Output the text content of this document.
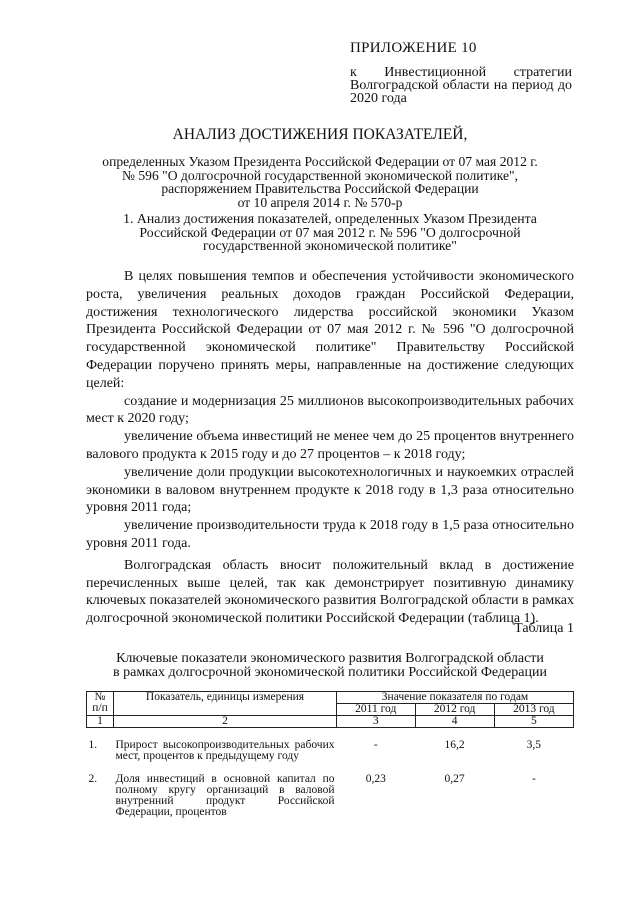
ПРИЛОЖЕНИЕ 10
к Инвестиционной стратегии Волгоградской области на период до 2020 года
АНАЛИЗ ДОСТИЖЕНИЯ ПОКАЗАТЕЛЕЙ,
определенных Указом Президента Российской Федерации от 07 мая 2012 г.
№ 596 "О долгосрочной государственной экономической политике",
распоряжением Правительства Российской Федерации
от 10 апреля 2014 г. № 570-р
1. Анализ достижения показателей, определенных Указом Президента
Российской Федерации от 07 мая 2012 г. № 596 "О долгосрочной
государственной экономической политике"

В целях повышения темпов и обеспечения устойчивости экономического роста, увеличения реальных доходов граждан Российской Федерации, достижения технологического лидерства российской экономики Указом Президента Российской Федерации от 07 мая 2012 г. № 596 "О долгосрочной государственной экономической политике" Правительству Российской Федерации поручено принять меры, направленные на достижение следующих целей:

создание и модернизация 25 миллионов высокопроизводительных рабочих мест к 2020 году;

увеличение объема инвестиций не менее чем до 25 процентов внутреннего валового продукта к 2015 году и до 27 процентов – к 2018 году;

увеличение доли продукции высокотехнологичных и наукоемких отраслей экономики в валовом внутреннем продукте к 2018 году в 1,3 раза относительно уровня 2011 года;

увеличение производительности труда к 2018 году в 1,5 раза относительно уровня 2011 года.

Волгоградская область вносит положительный вклад в достижение перечисленных выше целей, так как демонстрирует позитивную динамику ключевых показателей экономического развития Волгоградской области в рамках долгосрочной экономической политики Российской Федерации (таблица 1).

Таблица 1
Ключевые показатели экономического развития Волгоградской области
в рамках долгосрочной экономической политики Российской Федерации
№ п/п	Показатель, единицы измерения	Значение показателя по годам		
		2011 год	2012 год	2013 год
1	2	3	4	5
1.	Прирост высокопроизводительных рабочих мест, процентов к предыдущему году	-	16,2	3,5
2.	Доля инвестиций в основной капитал по полному кругу организаций в валовой внутренний продукт Российской Федерации, процентов	0,23	0,27	-
